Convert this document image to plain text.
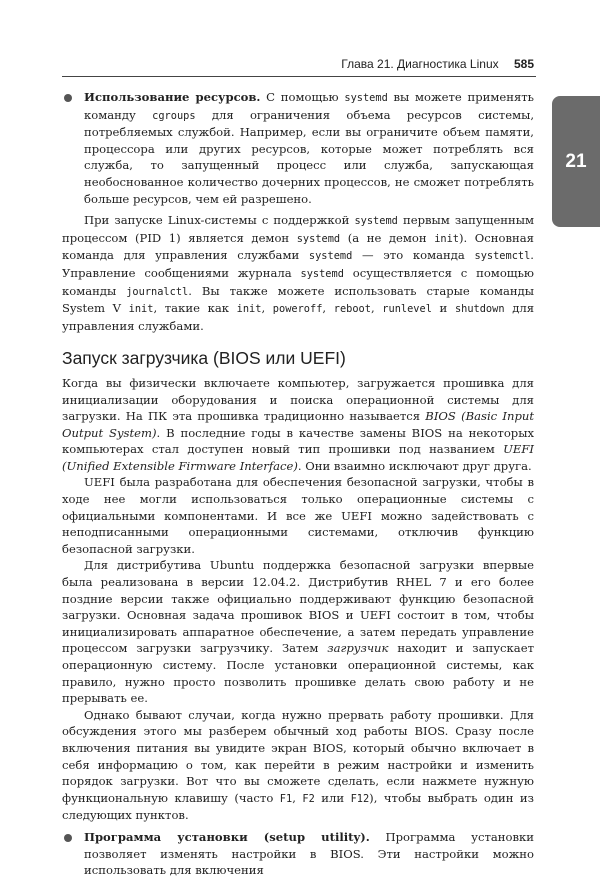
Глава 21. Диагностика Linux 585
21

Использование ресурсов. С помощью systemd вы можете применять команду cgroups для ограничения объема ресурсов системы, потребляемых службой. Например, если вы ограничите объем памяти, процессора или других ресурсов, которые может потреблять вся служба, то запущенный процесс или служба, запускающая необоснованное количество дочерних процессов, не сможет потреблять больше ресурсов, чем ей разрешено.

При запуске Linux-системы с поддержкой systemd первым запущенным процессом (PID 1) является демон systemd (а не демон init). Основная команда для управления службами systemd — это команда systemctl. Управление сообщениями журнала systemd осуществляется с помощью команды journalctl. Вы также можете использовать старые команды System V init, такие как init, poweroff, reboot, runlevel и shutdown для управления службами.

Запуск загрузчика (BIOS или UEFI)

Когда вы физически включаете компьютер, загружается прошивка для инициализации оборудования и поиска операционной системы для загрузки. На ПК эта прошивка традиционно называется BIOS (Basic Input Output System). В последние годы в качестве замены BIOS на некоторых компьютерах стал доступен новый тип прошивки под названием UEFI (Unified Extensible Firmware Interface). Они взаимно исключают друг друга.

UEFI была разработана для обеспечения безопасной загрузки, чтобы в ходе нее могли использоваться только операционные системы с официальными компонентами. И все же UEFI можно задействовать с неподписанными операционными системами, отключив функцию безопасной загрузки.

Для дистрибутива Ubuntu поддержка безопасной загрузки впервые была реализована в версии 12.04.2. Дистрибутив RHEL 7 и его более поздние версии также официально поддерживают функцию безопасной загрузки. Основная задача прошивок BIOS и UEFI состоит в том, чтобы инициализировать аппаратное обеспечение, а затем передать управление процессом загрузки загрузчику. Затем загрузчик находит и запускает операционную систему. После установки операционной системы, как правило, нужно просто позволить прошивке делать свою работу и не прерывать ее.

Однако бывают случаи, когда нужно прервать работу прошивки. Для обсуждения этого мы разберем обычный ход работы BIOS. Сразу после включения питания вы увидите экран BIOS, который обычно включает в себя информацию о том, как перейти в режим настройки и изменить порядок загрузки. Вот что вы сможете сделать, если нажмете нужную функциональную клавишу (часто F1, F2 или F12), чтобы выбрать один из следующих пунктов.

Программа установки (setup utility). Программа установки позволяет изменять настройки в BIOS. Эти настройки можно использовать для включения
